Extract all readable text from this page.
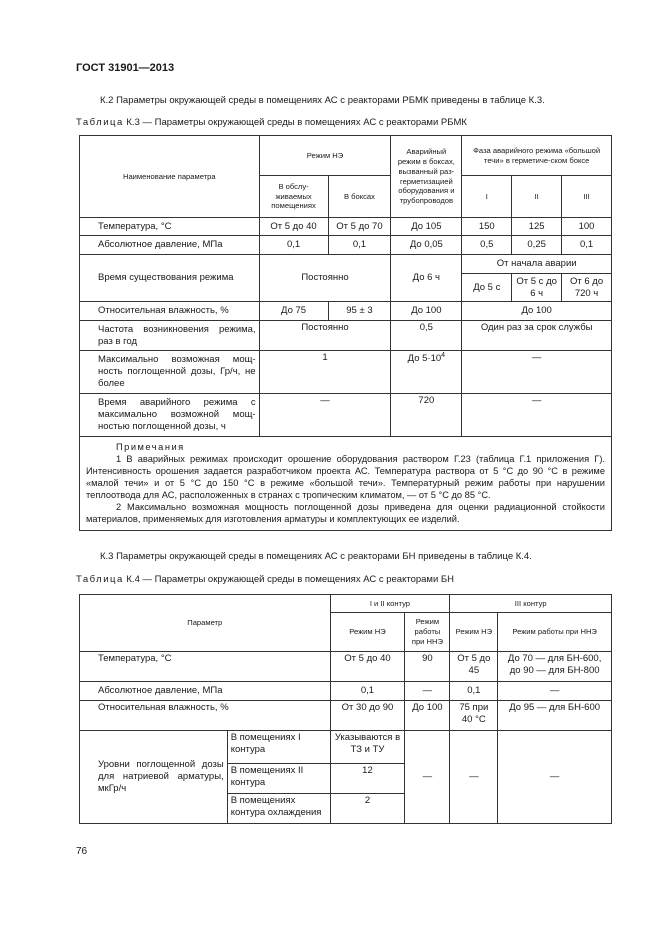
ГОСТ 31901—2013
К.2 Параметры окружающей среды в помещениях АС с реакторами РБМК приведены в таблице К.3.
Таблица К.3 — Параметры окружающей среды в помещениях АС с реакторами РБМК
Наименование параметра	Режим НЭ		Аварийный режим в боксах, вызванный раз-герметизацией оборудования и трубопроводов	Фаза аварийного режима «большой течи» в герметиче-ском боксе		
	В обслу-живаемых помещениях	В боксах		I	II	III
Температура, °С	От 5 до 40	От 5 до 70	До 105	150	125	100
Абсолютное давление, МПа	0,1	0,1	До 0,05	0,5	0,25	0,1
Время существования режима	Постоянно		До 6 ч	От начала аварии		
				До 5 с	От 5 с до 6 ч	От 6 до 720 ч
Относительная влажность, %	До 75	95 ± 3	До 100	До 100		
Частота возникновения режима, раз в год	Постоянно		0,5	Один раз за срок службы		
Максимально возможная мощ-ность поглощенной дозы, Гр/ч, не более	1		До $5\cdot 10^4$	—		
Время аварийного режима с максимально возможной мощ-ностью поглощенной дозы, ч	—		720	—		

Примечания
1 В аварийных режимах происходит орошение оборудования раствором Г.23 (таблица Г.1 приложения Г). Интенсивность орошения задается разработчиком проекта АС. Температура раствора от 5 °С до 90 °С в режиме «малой течи» и от 5 °С до 150 °С в режиме «большой течи». Температурный режим работы при нарушении теплоотвода для АС, расположенных в странах с тропическим климатом, — от 5 °С до 85 °С.
2 Максимально возможная мощность поглощенной дозы приведена для оценки радиационной стойкости материалов, применяемых для изготовления арматуры и комплектующих ее изделий.						
К.3 Параметры окружающей среды в помещениях АС с реакторами БН приведены в таблице К.4.
Таблица К.4 — Параметры окружающей среды в помещениях АС с реакторами БН
Параметр		I и II контур		III контур	
		Режим НЭ	Режим работы при ННЭ	Режим НЭ	Режим работы при ННЭ
Температура, °С		От 5 до 40	90	От 5 до 45	До 70 — для БН-600, до 90 — для БН-800
Абсолютное давление, МПа		0,1	—	0,1	—
Относительная влажность, %		От 30 до 90	До 100	75 при 40 °С	До 95 — для БН-600
Уровни поглощенной дозы для натриевой арматуры, мкГр/ч	В помещениях I контура	Указываются в ТЗ и ТУ	—	—	—
	В помещениях II контура	12			
	В помещениях контура охлаждения	2			
76
